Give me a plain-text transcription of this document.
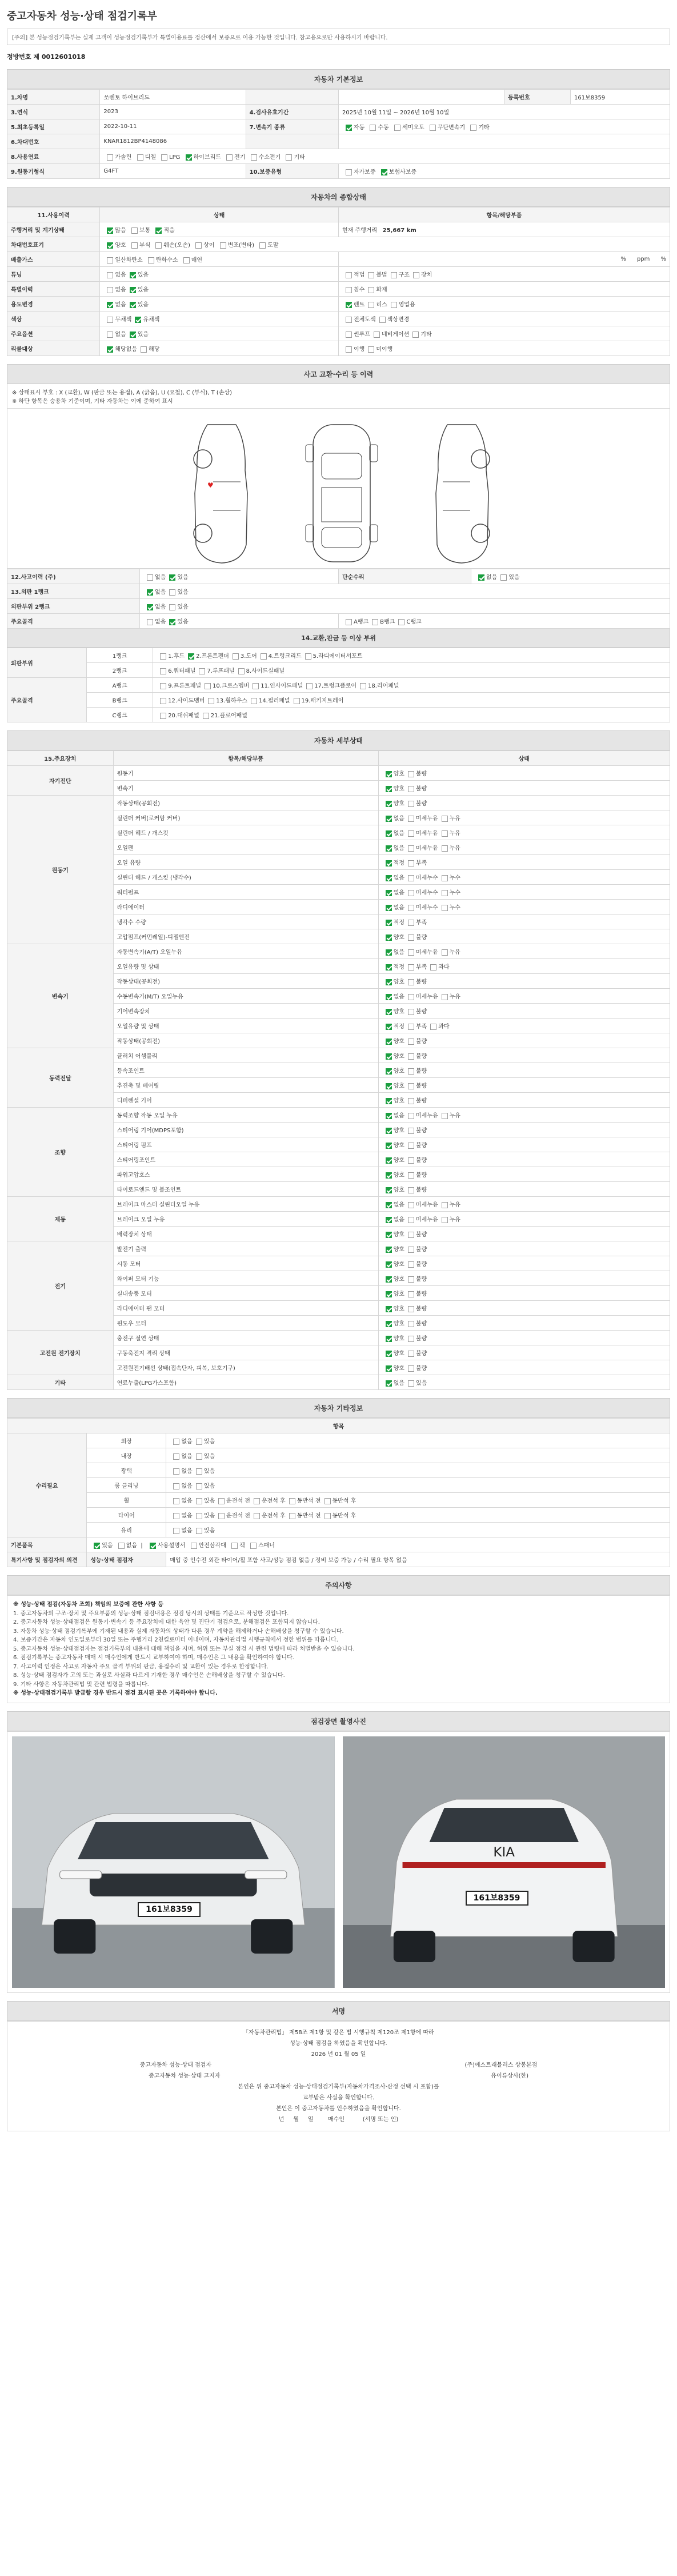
중고자동차 성능·상태 점검기록부
[주의] 본 성능점검기록부는 실제 고객이 성능점검기록부가 특별이용료를 정산에서 보증으로 이용 가능한 것입니다. 참고용으로만 사용하시기 바랍니다.
정방번호 제 0012601018
자동차 기본정보
1.차명	쏘렌토 하이브리드			등록번호	161보8359
3.연식	2023	4.검사유효기간	2025년 10월 11일 ~ 2026년 10월 10일		
5.최초등록일	2022-10-11	7.변속기 종류	자동 수동 세미오토 무단변속기 기타		
6.차대번호	KNAR1812BP4148086				
8.사용연료	가솔린 디젤 LPG 하이브리드 전기 수소전기 기타				
9.원동기형식	G4FT	10.보증유형	자가보증 보험사보증		
자동차의 종합상태
11.사용이력	상태	항목/해당부품
주행거리 및 계기상태	많음 보통 적음	현재 주행거리 25,667 km
차대번호표기	양호 부식 훼손(오손) 상이 변조(변타) 도말	
배출가스	일산화탄소 탄화수소 매연	% ppm %
튜닝	없음 있음	적법 불법 구조 장치
특별이력	없음 있음	침수 화재
용도변경	없음 있음	렌트 리스 영업용
색상	무채색 유채색	전체도색 색상변경
주요옵션	없음 있음	썬루프 네비게이션 기타
리콜대상	해당없음 해당	이행 미이행
사고 교환·수리 등 이력
※ 상태표시 부호 : X (교환), W (판금 또는 용접), A (긁음), U (요철), C (부식), T (손상)
※ 하단 항목은 승용차 기준이며, 기타 자동차는 이에 준하여 표시
♥
12.사고이력 (주)	없음 있음	단순수리	없음 있음
13.외판 1랭크	없음 있음		
외판부위 2랭크	없음 있음		
주요골격	없음 있음	A랭크 B랭크 C랭크	
14.교환,판금 등 이상 부위
외판부위	1랭크	1.후드 2.프론트펜더 3.도어 4.트렁크리드 5.라디에이터서포트
	2랭크	6.쿼터패널 7.루프패널 8.사이드실패널
주요골격	A랭크	9.프론트패널 10.크로스멤버 11.인사이드패널 17.트렁크플로어 18.리어패널
	B랭크	12.사이드멤버 13.휠하우스 14.필러패널 19.패키지트레이
	C랭크	20.대쉬패널 21.플로어패널
자동차 세부상태
15.주요장치	항목/해당부품	상태
자기진단	원동기	양호 불량
	변속기	양호 불량
원동기	작동상태(공회전)	양호 불량
	실린더 커버(로커암 커버)	없음 미세누유 누유
	실린더 헤드 / 개스킷	없음 미세누유 누유
	오일팬	없음 미세누유 누유
	오일 유량	적정 부족
	실린더 헤드 / 개스킷 (냉각수)	없음 미세누수 누수
	워터펌프	없음 미세누수 누수
	라디에이터	없음 미세누수 누수
	냉각수 수량	적정 부족
	고압펌프(커먼레일)-디젤엔진	양호 불량
변속기	자동변속기(A/T) 오일누유	없음 미세누유 누유
	오일유량 및 상태	적정 부족 과다
	작동상태(공회전)	양호 불량
	수동변속기(M/T) 오일누유	없음 미세누유 누유
	기어변속장치	양호 불량
	오일유량 및 상태	적정 부족 과다
	작동상태(공회전)	양호 불량
동력전달	클러치 어셈블리	양호 불량
	등속조인트	양호 불량
	추진축 및 베어링	양호 불량
	디퍼렌셜 기어	양호 불량
조향	동력조향 작동 오일 누유	없음 미세누유 누유
	스티어링 기어(MDPS포함)	양호 불량
	스티어링 펌프	양호 불량
	스티어링조인트	양호 불량
	파워고압호스	양호 불량
	타이로드엔드 및 볼조인트	양호 불량
제동	브레이크 마스터 실린더오일 누유	없음 미세누유 누유
	브레이크 오일 누유	없음 미세누유 누유
	배력장치 상태	양호 불량
전기	발전기 출력	양호 불량
	시동 모터	양호 불량
	와이퍼 모터 기능	양호 불량
	실내송풍 모터	양호 불량
	라디에이터 팬 모터	양호 불량
	윈도우 모터	양호 불량
고전원 전기장치	충전구 절연 상태	양호 불량
	구동축전지 격리 상태	양호 불량
	고전원전기배선 상태(접속단자, 피복, 보호기구)	양호 불량
기타	연료누출(LPG가스포함)	없음 있음
자동차 기타정보
항목		
수리필요	외장	없음 있음
	내장	없음 있음
	광택	없음 있음
	룸 클리닝	없음 있음
	휠	없음 있음 운전석 전 운전석 후 동반석 전 동반석 후
	타이어	없음 있음 운전석 전 운전석 후 동반석 전 동반석 후
	유리	없음 있음
기본품목	있음 없음  |  사용설명서 안전삼각대 잭 스패너	
특기사항 및 점검자의 의견	성능·상태 점검자	매입 중 인수전 외관 타이어/휠 포함 사고/성능 점검 없음 / 정비 보증 가능 / 수리 필요 항목 없음
주의사항
※ 성능·상태 점검(자동차 조회) 책임의 보증에 관한 사항 등
1. 중고자동차의 구조·장치 및 주요부품의 성능·상태 점검내용은 점검 당시의 상태를 기준으로 작성한 것입니다.
2. 중고자동차 성능·상태점검은 원동기·변속기 등 주요장치에 대한 육안 및 진단기 점검으로, 분해점검은 포함되지 않습니다.
3. 자동차 성능·상태 점검기록부에 기재된 내용과 실제 자동차의 상태가 다른 경우 계약을 해제하거나 손해배상을 청구할 수 있습니다.
4. 보증기간은 자동차 인도일로부터 30일 또는 주행거리 2천킬로미터 이내이며, 자동차관리법 시행규칙에서 정한 범위를 따릅니다.
5. 중고자동차 성능·상태점검자는 점검기록부의 내용에 대해 책임을 지며, 허위 또는 부실 점검 시 관련 법령에 따라 처벌받을 수 있습니다.
6. 점검기록부는 중고자동차 매매 시 매수인에게 반드시 교부하여야 하며, 매수인은 그 내용을 확인하여야 합니다.
7. 사고이력 인정은 사고로 자동차 주요 골격 부위의 판금, 용접수리 및 교환이 있는 경우로 한정합니다.
8. 성능·상태 점검자가 고의 또는 과실로 사실과 다르게 기재한 경우 매수인은 손해배상을 청구할 수 있습니다.
9. 기타 사항은 자동차관리법 및 관련 법령을 따릅니다.
※ 성능·상태점검기록부 발급할 경우 반드시 점검 표시된 곳은 기록하여야 합니다.
점검장면 촬영사진
161보8359
KIA
161보8359
서명
「자동차관리법」 제58조 제1항 및 같은 법 시행규칙 제120조 제1항에 따라
성능·상태 점검을 하였음을 확인합니다.
2026 년 01 월 05 일
중고자동차 성능·상태 점검자	(주)에스트래블러스 상봉본점
중고자동차 성능·상태 고지자	유이류상사(한)
본인은 위 중고자동차 성능·상태점검기록부(자동차가격조사·산정 선택 시 포함)를
교부받은 사실을 확인합니다.
본인은 이 중고자동차를 인수하였음을 확인합니다.
년 월 일	매수인	(서명 또는 인)
